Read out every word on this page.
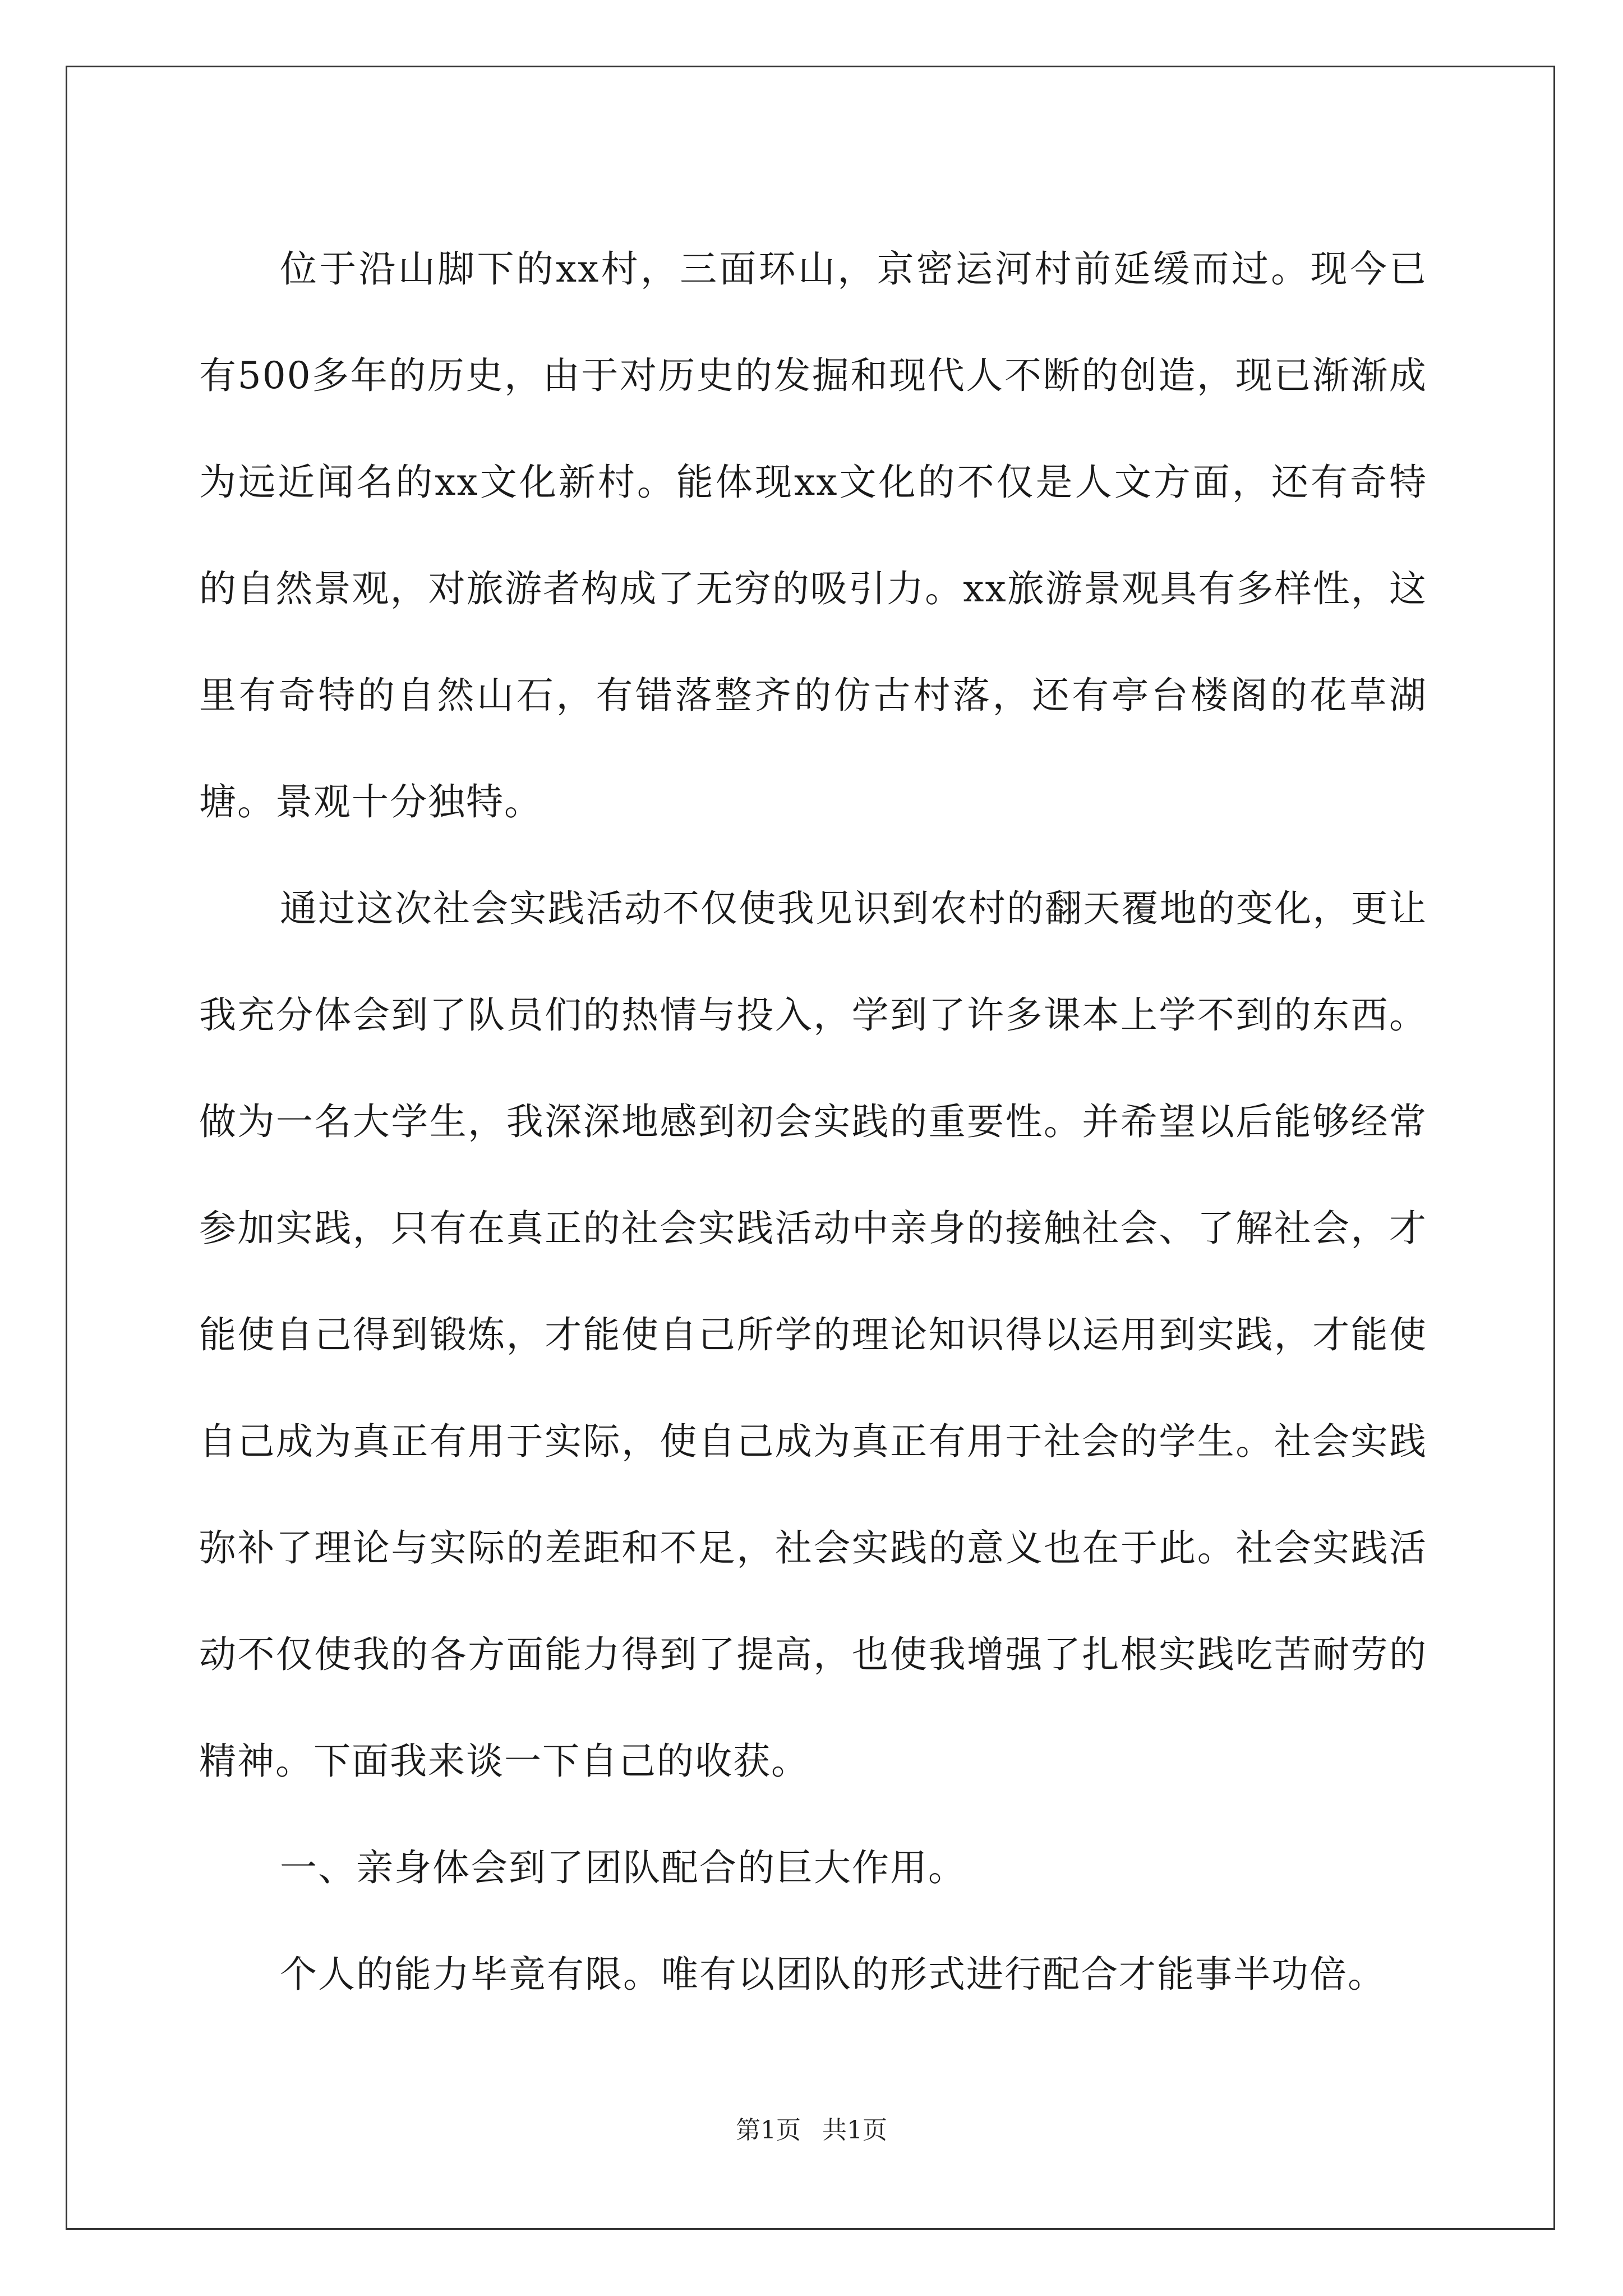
位于沿山脚下的xx村，三面环山，京密运河村前延缓而过。现今已有500多年的历史，由于对历史的发掘和现代人不断的创造，现已渐渐成为远近闻名的xx文化新村。能体现xx文化的不仅是人文方面，还有奇特的自然景观，对旅游者构成了无穷的吸引力。xx旅游景观具有多样性，这里有奇特的自然山石，有错落整齐的仿古村落，还有亭台楼阁的花草湖塘。景观十分独特。

通过这次社会实践活动不仅使我见识到农村的翻天覆地的变化，更让我充分体会到了队员们的热情与投入，学到了许多课本上学不到的东西。做为一名大学生，我深深地感到初会实践的重要性。并希望以后能够经常参加实践，只有在真正的社会实践活动中亲身的接触社会、了解社会，才能使自己得到锻炼，才能使自己所学的理论知识得以运用到实践，才能使自己成为真正有用于实际，使自己成为真正有用于社会的学生。社会实践弥补了理论与实际的差距和不足，社会实践的意义也在于此。社会实践活动不仅使我的各方面能力得到了提高，也使我增强了扎根实践吃苦耐劳的精神。下面我来谈一下自己的收获。

一、亲身体会到了团队配合的巨大作用。

个人的能力毕竟有限。唯有以团队的形式进行配合才能事半功倍。

第1页 共1页
